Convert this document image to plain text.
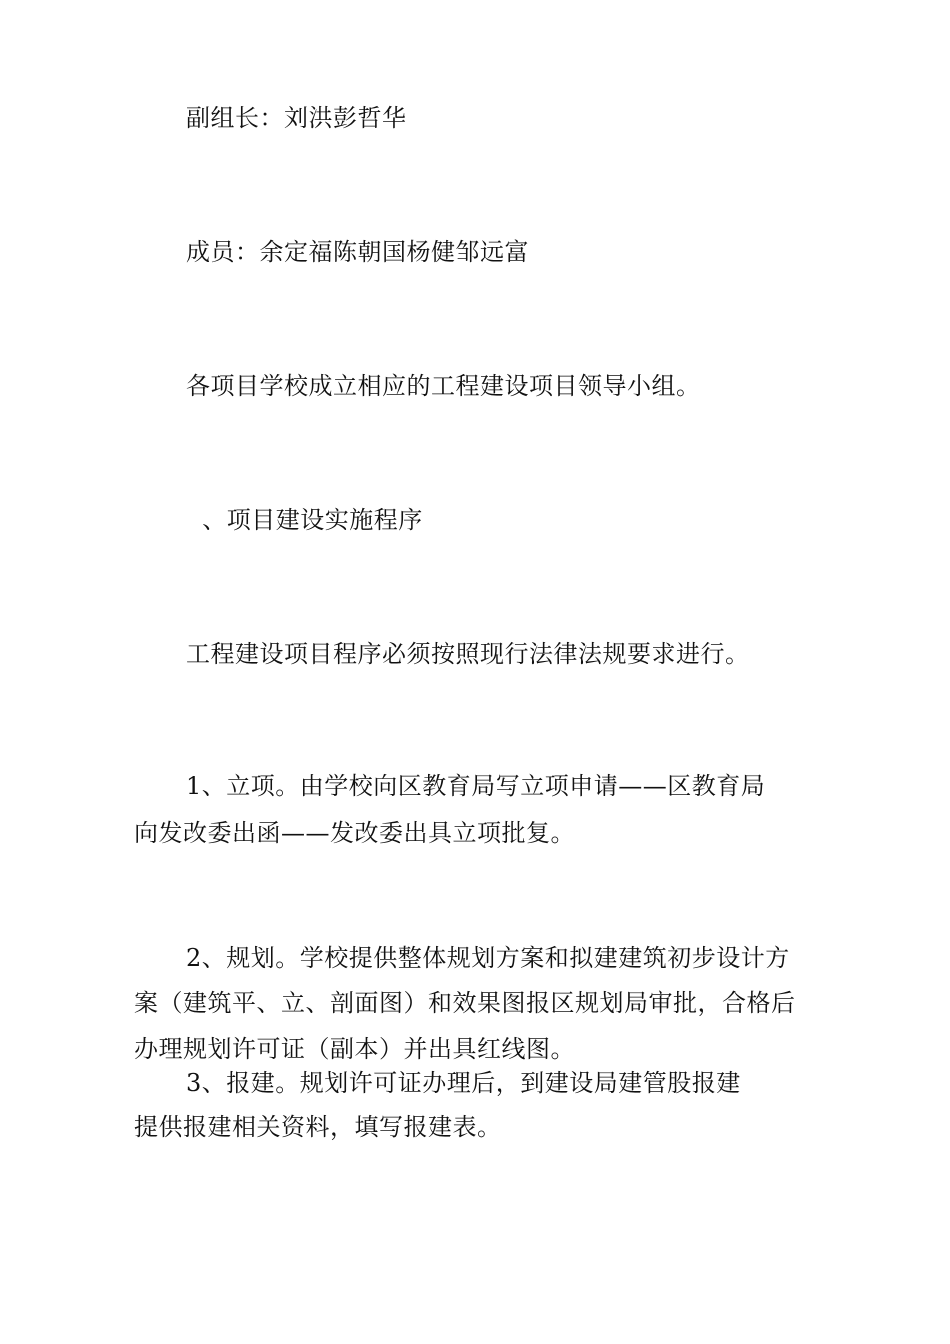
副组长：刘洪彭哲华
成员：余定福陈朝国杨健邹远富
各项目学校成立相应的工程建设项目领导小组。
、项目建设实施程序
工程建设项目程序必须按照现行法律法规要求进行。
1、立项。由学校向区教育局写立项申请——区教育局
向发改委出函——发改委出具立项批复。
2、规划。学校提供整体规划方案和拟建建筑初步设计方
案（建筑平、立、剖面图）和效果图报区规划局审批，合格后
办理规划许可证（副本）并出具红线图。
3、报建。规划许可证办理后，到建设局建管股报建
提供报建相关资料，填写报建表。
